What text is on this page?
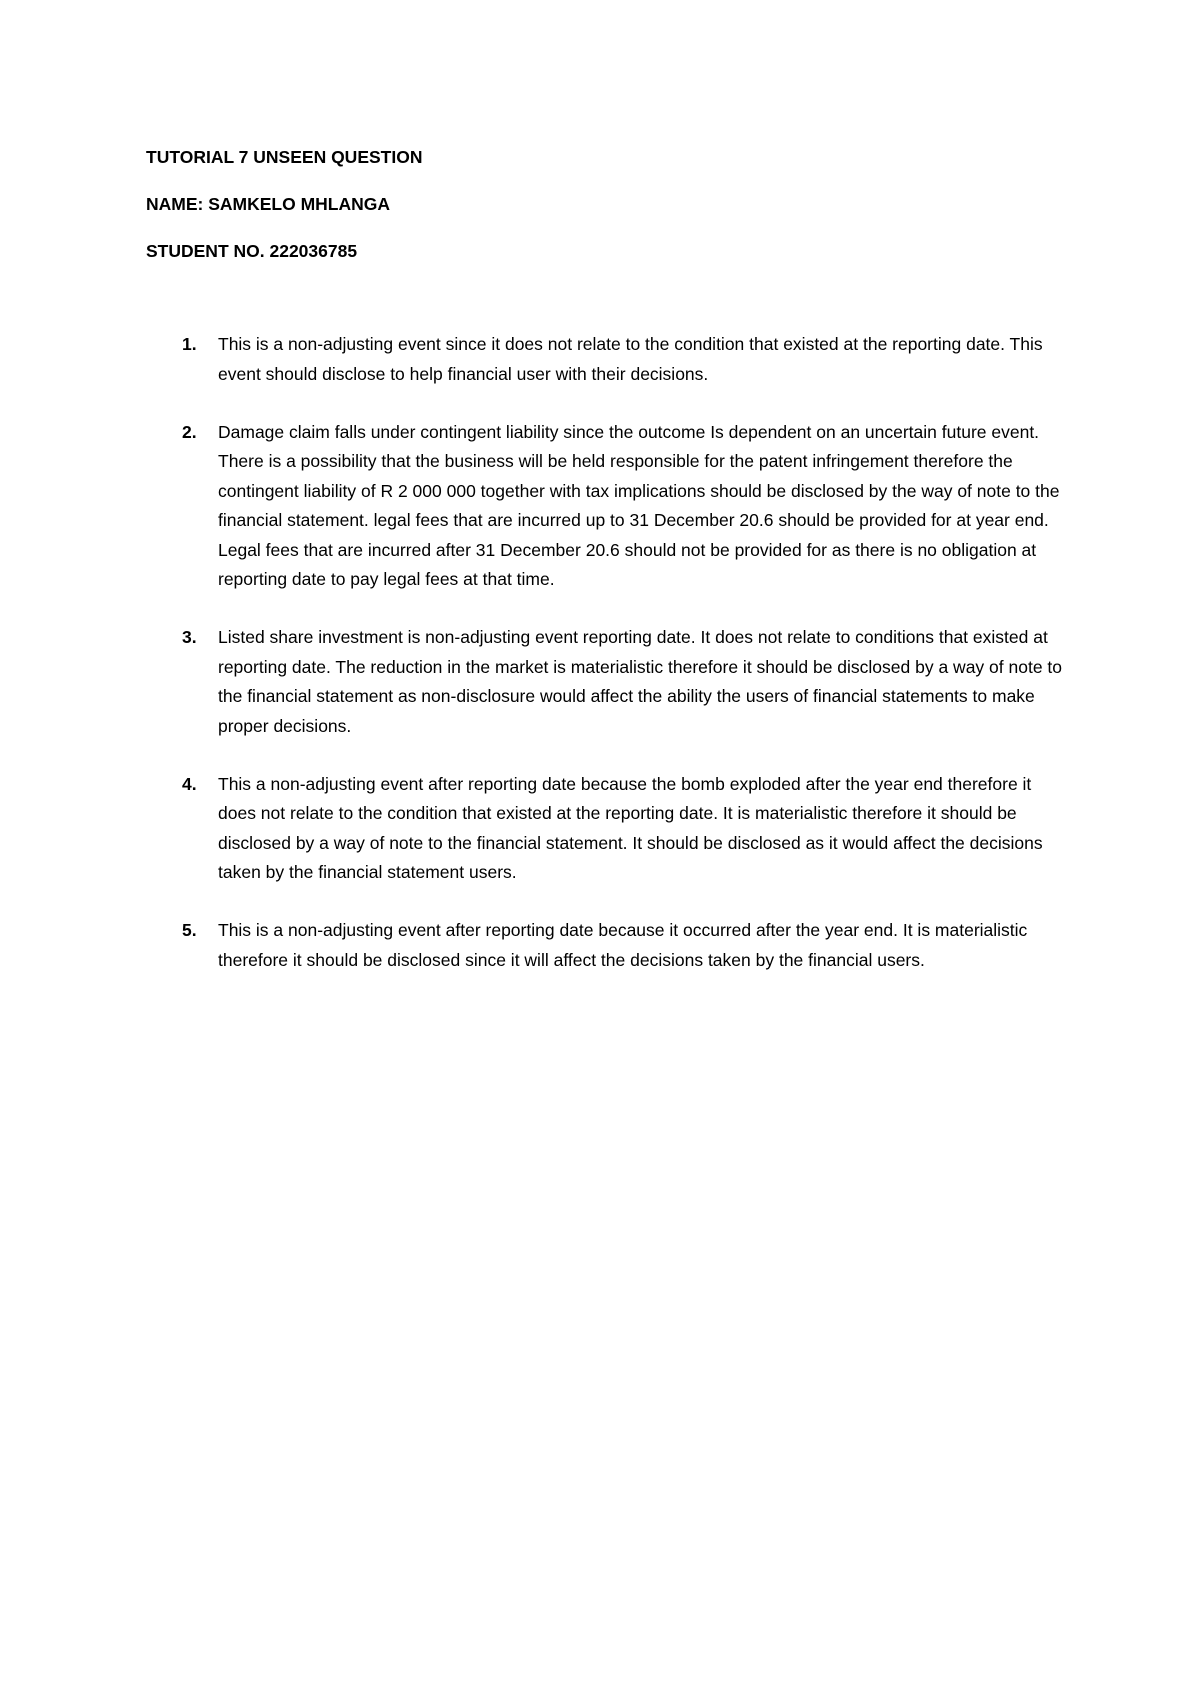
TUTORIAL 7 UNSEEN QUESTION
NAME: SAMKELO MHLANGA
STUDENT NO. 222036785
1. This is a non-adjusting event since it does not relate to the condition that existed at the reporting date. This event should disclose to help financial user with their decisions.
2. Damage claim falls under contingent liability since the outcome Is dependent on an uncertain future event. There is a possibility that the business will be held responsible for the patent infringement therefore the contingent liability of R 2 000 000 together with tax implications should be disclosed by the way of note to the financial statement. legal fees that are incurred up to 31 December 20.6 should be provided for at year end. Legal fees that are incurred after 31 December 20.6 should not be provided for as there is no obligation at reporting date to pay legal fees at that time.
3. Listed share investment is non-adjusting event reporting date. It does not relate to conditions that existed at reporting date. The reduction in the market is materialistic therefore it should be disclosed by a way of note to the financial statement as non-disclosure would affect the ability the users of financial statements to make proper decisions.
4. This a non-adjusting event after reporting date because the bomb exploded after the year end therefore it does not relate to the condition that existed at the reporting date. It is materialistic therefore it should be disclosed by a way of note to the financial statement. It should be disclosed as it would affect the decisions taken by the financial statement users.
5. This is a non-adjusting event after reporting date because it occurred after the year end. It is materialistic therefore it should be disclosed since it will affect the decisions taken by the financial users.
